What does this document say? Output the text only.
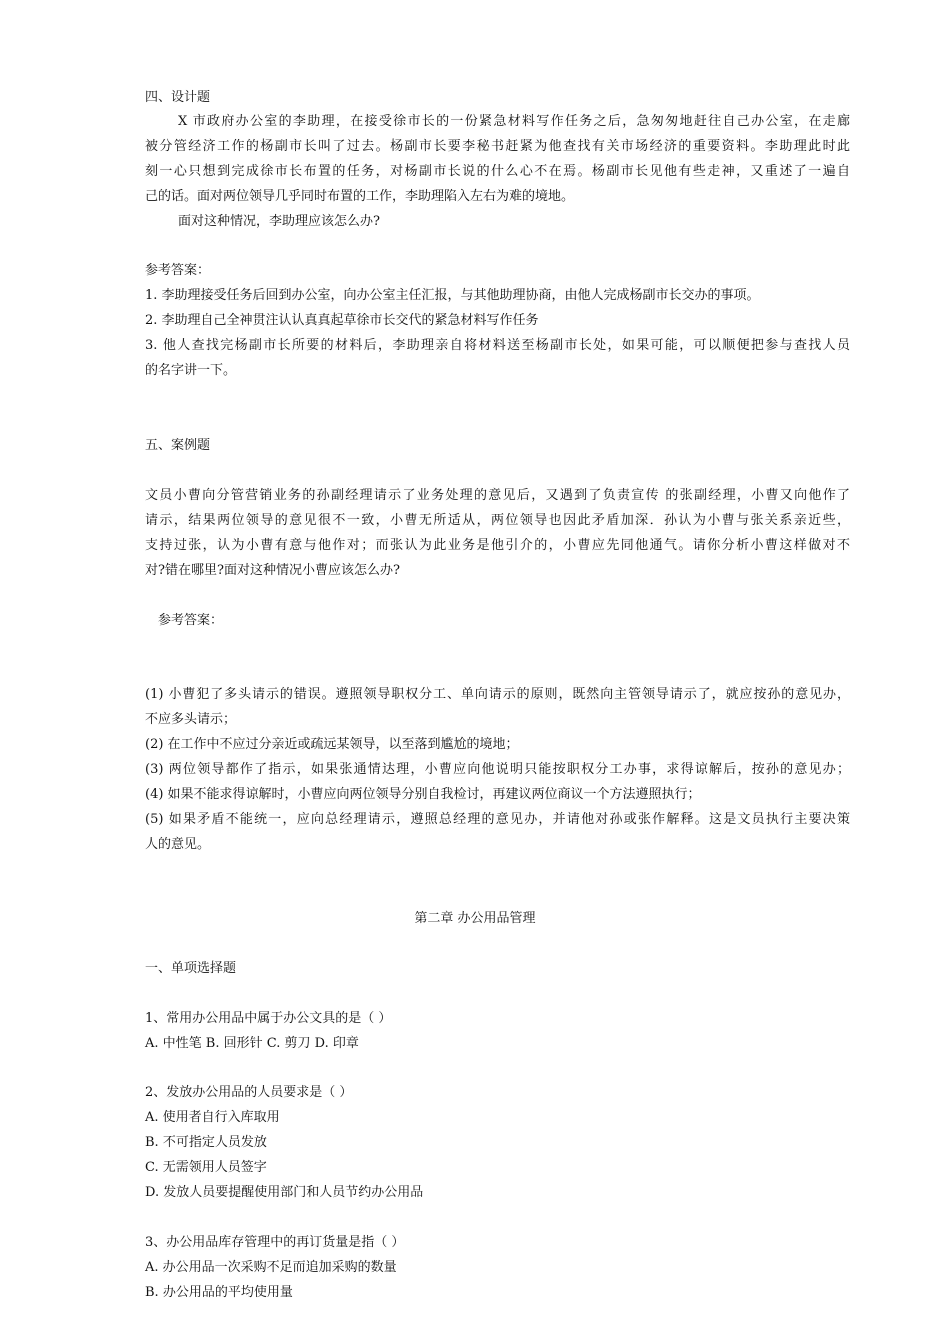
四、设计题
X 市政府办公室的李助理，在接受徐市长的一份紧急材料写作任务之后，急匆匆地赶往自己办公室，在走廊
被分管经济工作的杨副市长叫了过去。杨副市长要李秘书赶紧为他查找有关市场经济的重要资料。李助理此时此
刻一心只想到完成徐市长布置的任务，对杨副市长说的什么心不在焉。杨副市长见他有些走神，又重述了一遍自
己的话。面对两位领导几乎同时布置的工作，李助理陷入左右为难的境地。
面对这种情况，李助理应该怎么办?
参考答案：
1. 李助理接受任务后回到办公室，向办公室主任汇报，与其他助理协商，由他人完成杨副市长交办的事项。
2. 李助理自己全神贯注认认真真起草徐市长交代的紧急材料写作任务
3. 他人查找完杨副市长所要的材料后，李助理亲自将材料送至杨副市长处，如果可能，可以顺便把参与查找人员
的名字讲一下。
五、案例题
文员小曹向分管营销业务的孙副经理请示了业务处理的意见后，又遇到了负责宣传 的张副经理，小曹又向他作了
请示，结果两位领导的意见很不一致，小曹无所适从，两位领导也因此矛盾加深．孙认为小曹与张关系亲近些，
支持过张，认为小曹有意与他作对；而张认为此业务是他引介的，小曹应先同他通气。请你分析小曹这样做对不
对?错在哪里?面对这种情况小曹应该怎么办?
参考答案：
(1) 小曹犯了多头请示的错误。遵照领导职权分工、单向请示的原则，既然向主管领导请示了，就应按孙的意见办，
不应多头请示；
(2) 在工作中不应过分亲近或疏远某领导，以至落到尴尬的境地；
(3) 两位领导都作了指示，如果张通情达理，小曹应向他说明只能按职权分工办事，求得谅解后，按孙的意见办；
(4) 如果不能求得谅解时，小曹应向两位领导分别自我检讨，再建议两位商议一个方法遵照执行；
(5) 如果矛盾不能统一，应向总经理请示，遵照总经理的意见办，并请他对孙或张作解释。这是文员执行主要决策
人的意见。
第二章 办公用品管理
一、单项选择题
1、常用办公用品中属于办公文具的是（ ）
A. 中性笔 B. 回形针 C. 剪刀 D. 印章
2、发放办公用品的人员要求是（ ）
A. 使用者自行入库取用
B. 不可指定人员发放
C. 无需领用人员签字
D. 发放人员要提醒使用部门和人员节约办公用品
3、办公用品库存管理中的再订货量是指（ ）
A. 办公用品一次采购不足而追加采购的数量
B. 办公用品的平均使用量
